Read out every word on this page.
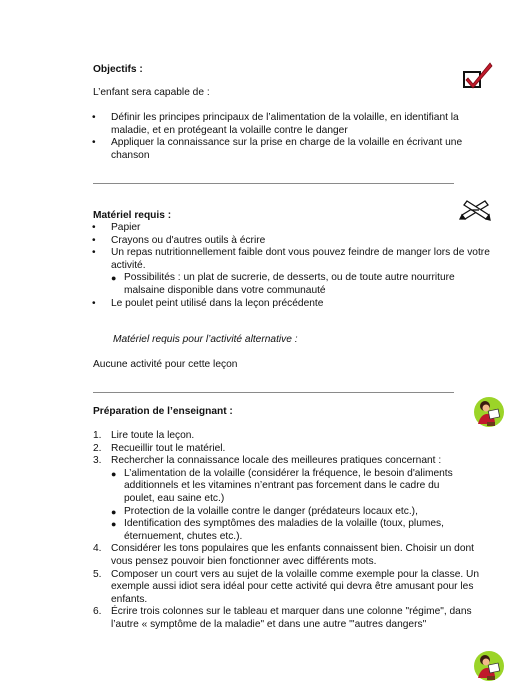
Objectifs :
L’enfant sera capable de :
• Définir les principes principaux de l’alimentation de la volaille, en identifiant la maladie, et en protégeant la volaille contre le danger
• Appliquer la connaissance sur la prise en charge de la volaille en écrivant une chanson
Matériel requis :
• Papier
• Crayons ou d'autres outils à écrire
• Un repas nutritionnellement faible dont vous pouvez feindre de manger lors de votre activité.
● Possibilités : un plat de sucrerie, de desserts, ou de toute autre nourriture malsaine disponible dans votre communauté
• Le poulet peint utilisé dans la leçon précédente
Matériel requis pour l’activité alternative :
Aucune activité pour cette leçon
Préparation de l’enseignant :
1. Lire toute la leçon.
2. Recueillir tout le matériel.
3. Rechercher la connaissance locale des meilleures pratiques concernant :
● L’alimentation de la volaille (considérer la fréquence, le besoin d'aliments additionnels et les vitamines n’entrant pas forcement dans le cadre du poulet, eau saine etc.)
● Protection de la volaille contre le danger (prédateurs locaux etc.),
● Identification des symptômes des maladies de la volaille (toux, plumes, éternuement, chutes etc.).
4. Considérer les tons populaires que les enfants connaissent bien. Choisir un dont vous pensez pouvoir bien fonctionner avec différents mots.
5. Composer un court vers au sujet de la volaille comme exemple pour la classe. Un exemple aussi idiot sera idéal pour cette activité qui devra être amusant pour les enfants.
6. Écrire trois colonnes sur le tableau et marquer dans une colonne "régime", dans l’autre « symptôme de la maladie" et dans une autre "'autres dangers"
